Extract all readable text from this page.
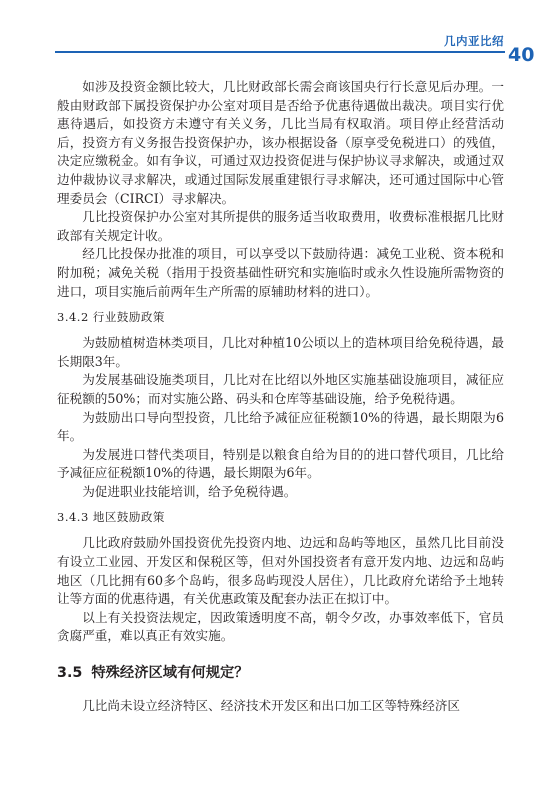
几内亚比绍
40

如涉及投资金额比较大，几比财政部长需会商该国央行行长意见后办理。一般由财政部下属投资保护办公室对项目是否给予优惠待遇做出裁决。项目实行优惠待遇后，如投资方未遵守有关义务，几比当局有权取消。项目停止经营活动后，投资方有义务报告投资保护办，该办根据设备（原享受免税进口）的残值，决定应缴税金。如有争议，可通过双边投资促进与保护协议寻求解决，或通过双边仲裁协议寻求解决，或通过国际发展重建银行寻求解决，还可通过国际中心管理委员会（CIRCI）寻求解决。

几比投资保护办公室对其所提供的服务适当收取费用，收费标准根据几比财政部有关规定计收。

经几比投保办批准的项目，可以享受以下鼓励待遇：减免工业税、资本税和附加税；减免关税（指用于投资基础性研究和实施临时或永久性设施所需物资的进口，项目实施后前两年生产所需的原辅助材料的进口）。

3.4.2 行业鼓励政策

为鼓励植树造林类项目，几比对种植10公顷以上的造林项目给免税待遇，最长期限3年。

为发展基础设施类项目，几比对在比绍以外地区实施基础设施项目，减征应征税额的50%；而对实施公路、码头和仓库等基础设施，给予免税待遇。

为鼓励出口导向型投资，几比给予减征应征税额10%的待遇，最长期限为6年。

为发展进口替代类项目，特别是以粮食自给为目的的进口替代项目，几比给予减征应征税额10%的待遇，最长期限为6年。

为促进职业技能培训，给予免税待遇。

3.4.3 地区鼓励政策

几比政府鼓励外国投资优先投资内地、边远和岛屿等地区，虽然几比目前没有设立工业园、开发区和保税区等，但对外国投资者有意开发内地、边远和岛屿地区（几比拥有60多个岛屿，很多岛屿现没人居住），几比政府允诺给予土地转让等方面的优惠待遇，有关优惠政策及配套办法正在拟订中。

以上有关投资法规定，因政策透明度不高，朝令夕改，办事效率低下，官员贪腐严重，难以真正有效实施。

3.5 特殊经济区域有何规定？

几比尚未设立经济特区、经济技术开发区和出口加工区等特殊经济区
